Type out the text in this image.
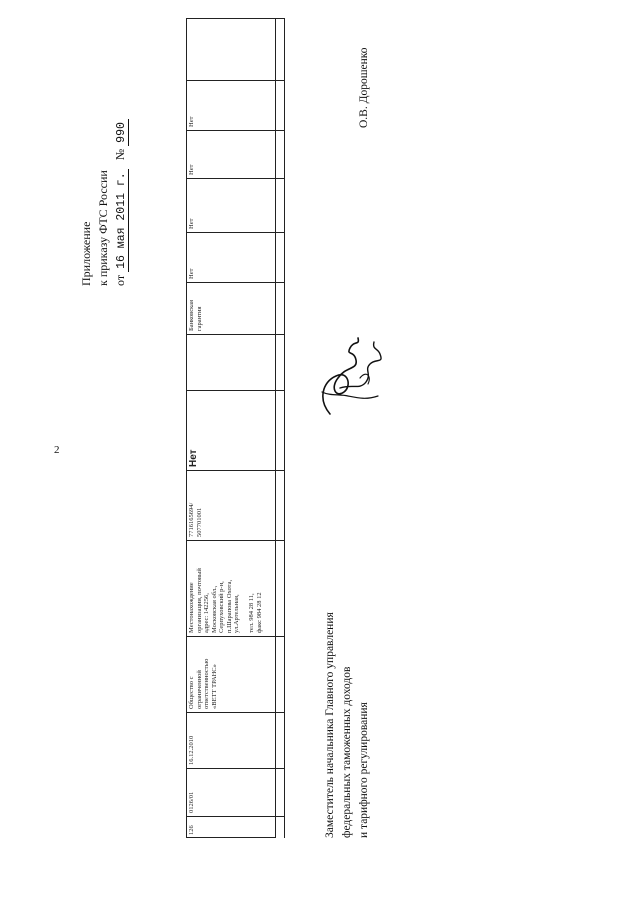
2
Приложение к приказу ФТС России от 16 мая 2011 г.   № 990
126
0126/01
16.12.2010
Общество с
ограниченной
ответственностью
«ВЕТТ ТРАНС»
Местонахождение
организации, почтовый
адрес: 142256,
Московская обл.,
Серпуховский р-н,
п.Шарапова Охота,
ул.Артельная,

тел. 984 28 11,
факс 984 28 12
7716165694/
507701001
Нет
Банковская
гарантия
Нет
Нет
Нет
Нет
Заместитель начальника Главного управления федеральных таможенных доходов и тарифного регулирования
О.В. Дорошенко
